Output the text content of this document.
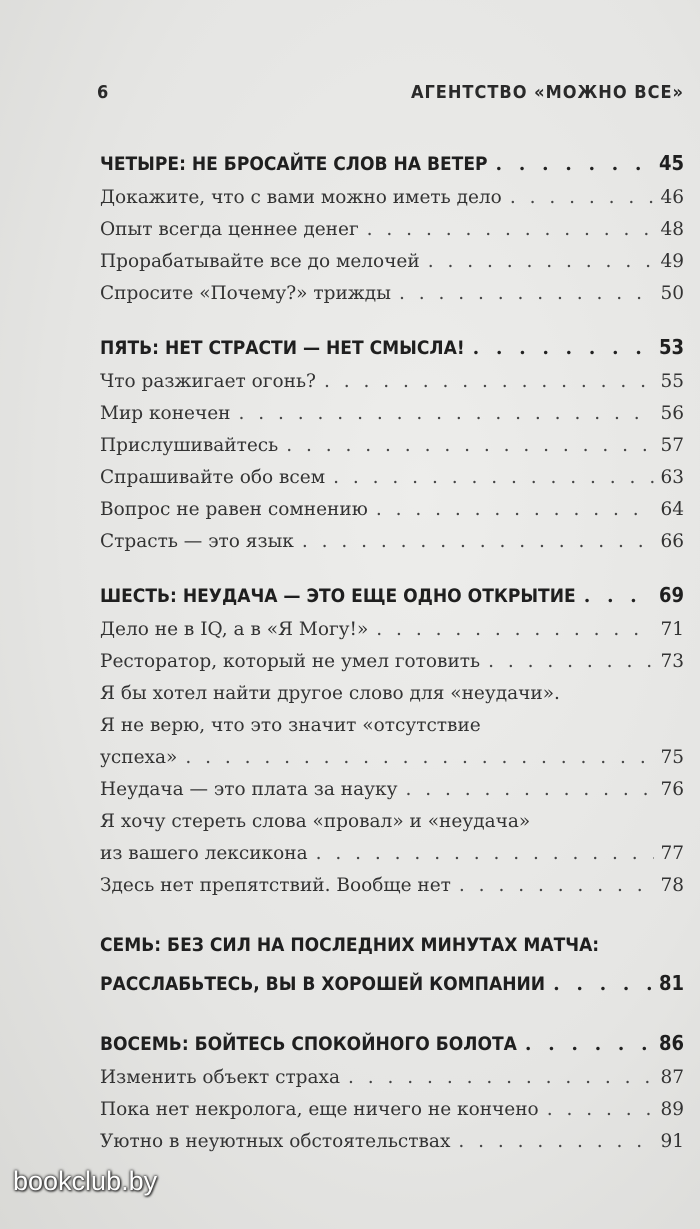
6	АГЕНТСТВО «МОЖНО ВСЕ»
ЧЕТЫРЕ: НЕ БРОСАЙТЕ СЛОВ НА ВЕТЕР . . .	45
Докажите, что с вами можно иметь дело . . .	46
Опыт всегда ценнее денег . . .	48
Прорабатывайте все до мелочей . . .	49
Спросите «Почему?» трижды . . .	50
ПЯТЬ: НЕТ СТРАСТИ — НЕТ СМЫСЛА! . . .	53
Что разжигает огонь? . . .	55
Мир конечен . . .	56
Прислушивайтесь . . .	57
Спрашивайте обо всем . . .	63
Вопрос не равен сомнению . . .	64
Страсть — это язык . . .	66
ШЕСТЬ: НЕУДАЧА — ЭТО ЕЩЕ ОДНО ОТКРЫТИЕ . . .	69
Дело не в IQ, а в «Я Могу!» . . .	71
Ресторатор, который не умел готовить . . .	73
Я бы хотел найти другое слово для «неудачи».
Я не верю, что это значит «отсутствие
успеха» . . .	75
Неудача — это плата за науку . . .	76
Я хочу стереть слова «провал» и «неудача»
из вашего лексикона . . .	77
Здесь нет препятствий. Вообще нет . . .	78
СЕМЬ: БЕЗ СИЛ НА ПОСЛЕДНИХ МИНУТАХ МАТЧА:
РАССЛАБЬТЕСЬ, ВЫ В ХОРОШЕЙ КОМПАНИИ . . .	81
ВОСЕМЬ: БОЙТЕСЬ СПОКОЙНОГО БОЛОТА . . .	86
Изменить объект страха . . .	87
Пока нет некролога, еще ничего не кончено . . .	89
Уютно в неуютных обстоятельствах . . .	91
bookclub.by
